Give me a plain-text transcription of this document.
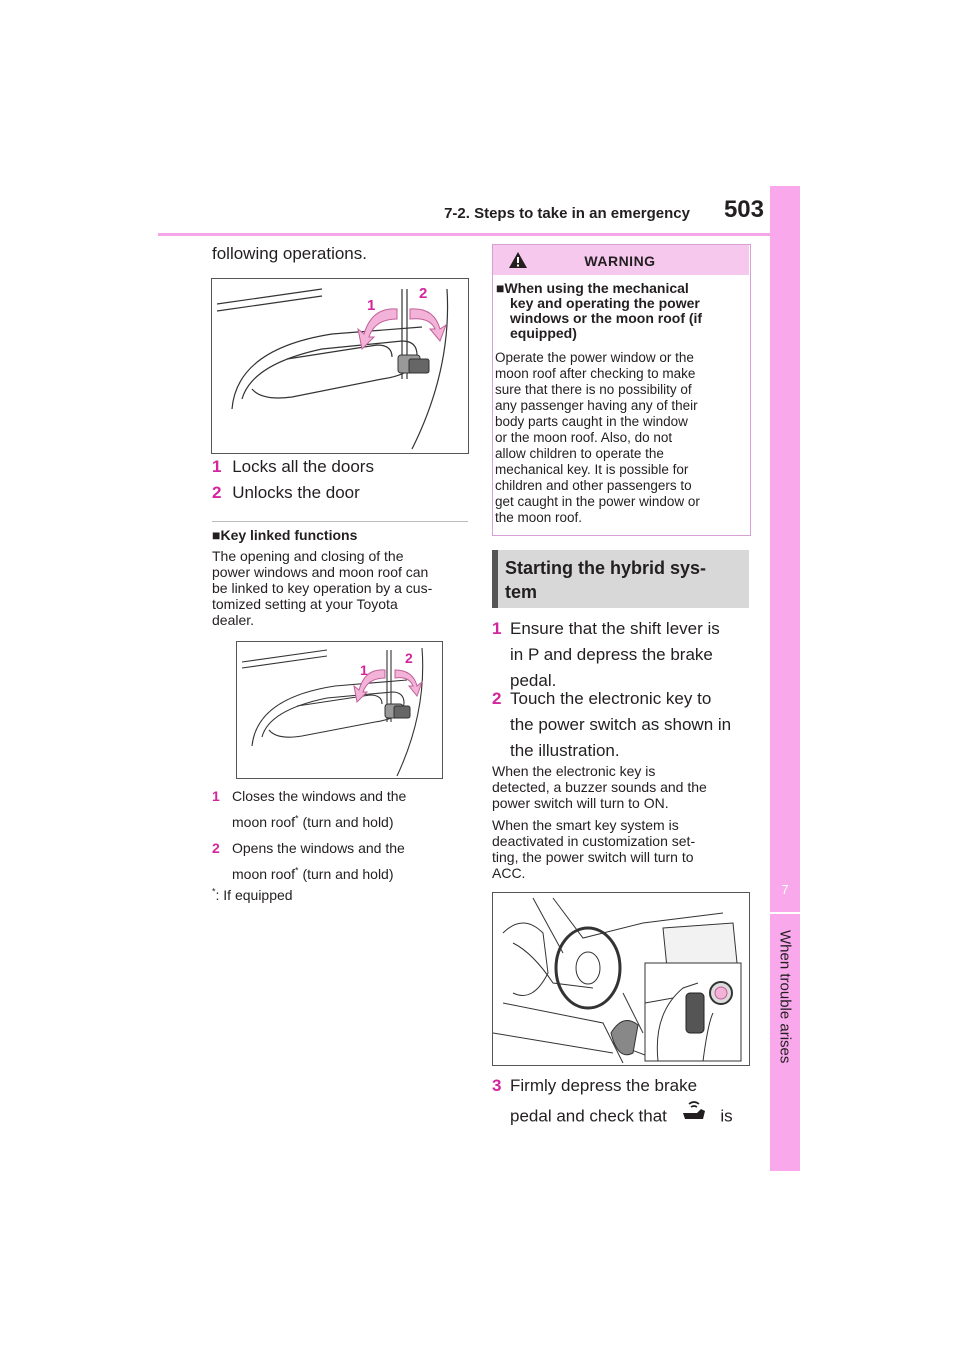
7-2. Steps to take in an emergency	503
7
When trouble arises
following operations.
1
2
1 Locks all the doors
2 Unlocks the door
■Key linked functions
The opening and closing of the
power windows and moon roof can
be linked to key operation by a cus-
tomized setting at your Toyota
dealer.
1
2
1 Closes the windows and the
moon roof* (turn and hold)
2 Opens the windows and the
moon roof* (turn and hold)
*: If equipped
WARNING
■When using the mechanical
key and operating the power
windows or the moon roof (if
equipped)
Operate the power window or the
moon roof after checking to make
sure that there is no possibility of
any passenger having any of their
body parts caught in the window
or the moon roof. Also, do not
allow children to operate the
mechanical key. It is possible for
children and other passengers to
get caught in the power window or
the moon roof.
Starting the hybrid sys-
tem
1 Ensure that the shift lever is
in P and depress the brake
pedal.
2 Touch the electronic key to
the power switch as shown in
the illustration.
When the electronic key is
detected, a buzzer sounds and the
power switch will turn to ON.
When the smart key system is
deactivated in customization set-
ting, the power switch will turn to
ACC.
3 Firmly depress the brake
pedal and check that	is
